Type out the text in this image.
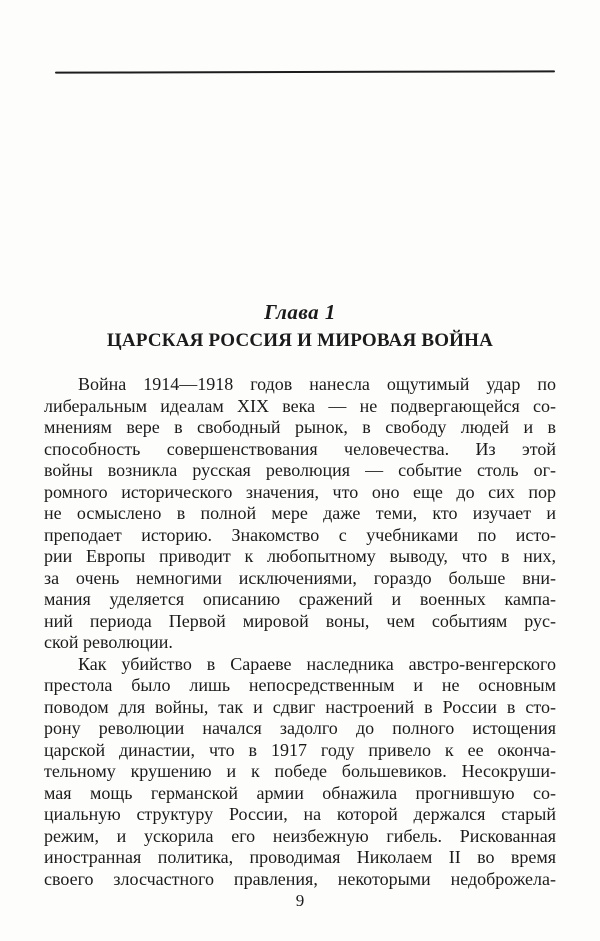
Глава 1
ЦАРСКАЯ РОССИЯ И МИРОВАЯ ВОЙНА
Война 1914—1918 годов нанесла ощутимый удар по
либеральным идеалам XIX века — не подвергающейся со-
мнениям вере в свободный рынок, в свободу людей и в
способность совершенствования человечества. Из этой
войны возникла русская революция — событие столь ог-
ромного исторического значения, что оно еще до сих пор
не осмыслено в полной мере даже теми, кто изучает и
преподает историю. Знакомство с учебниками по исто-
рии Европы приводит к любопытному выводу, что в них,
за очень немногими исключениями, гораздо больше вни-
мания уделяется описанию сражений и военных кампа-
ний периода Первой мировой воны, чем событиям рус-
ской революции.
Как убийство в Сараеве наследника австро-венгерского
престола было лишь непосредственным и не основным
поводом для войны, так и сдвиг настроений в России в сто-
рону революции начался задолго до полного истощения
царской династии, что в 1917 году привело к ее оконча-
тельному крушению и к победе большевиков. Несокруши-
мая мощь германской армии обнажила прогнившую со-
циальную структуру России, на которой держался старый
режим, и ускорила его неизбежную гибель. Рискованная
иностранная политика, проводимая Николаем II во время
своего злосчастного правления, некоторыми недоброжела-
9
